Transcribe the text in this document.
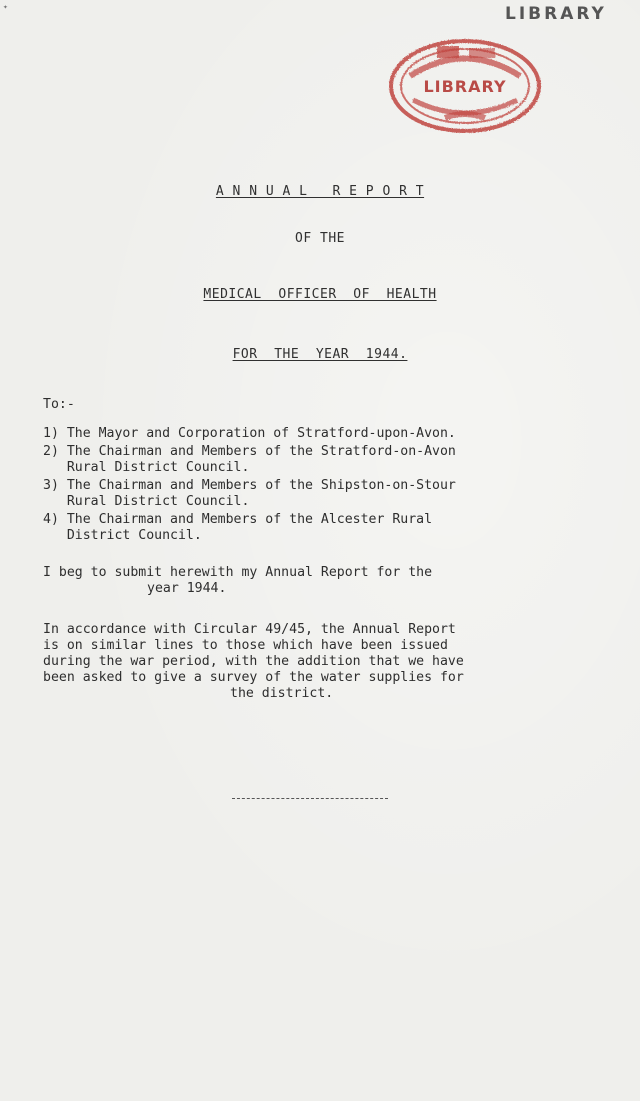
✦	LIBRARY
LIBRARY
A N N U A L   R E P O R T
OF THE
MEDICAL  OFFICER  OF  HEALTH
FOR  THE  YEAR  1944.
To:-
1) The Mayor and Corporation of Stratford-upon-Avon.
2) The Chairman and Members of the Stratford-on-Avon
Rural District Council.
3) The Chairman and Members of the Shipston-on-Stour
Rural District Council.
4) The Chairman and Members of the Alcester Rural
District Council.
I beg to submit herewith my Annual Report for the
year 1944.
In accordance with Circular 49/45, the Annual Report
is on similar lines to those which have been issued
during the war period, with the addition that we have
been asked to give a survey of the water supplies for
the district.
